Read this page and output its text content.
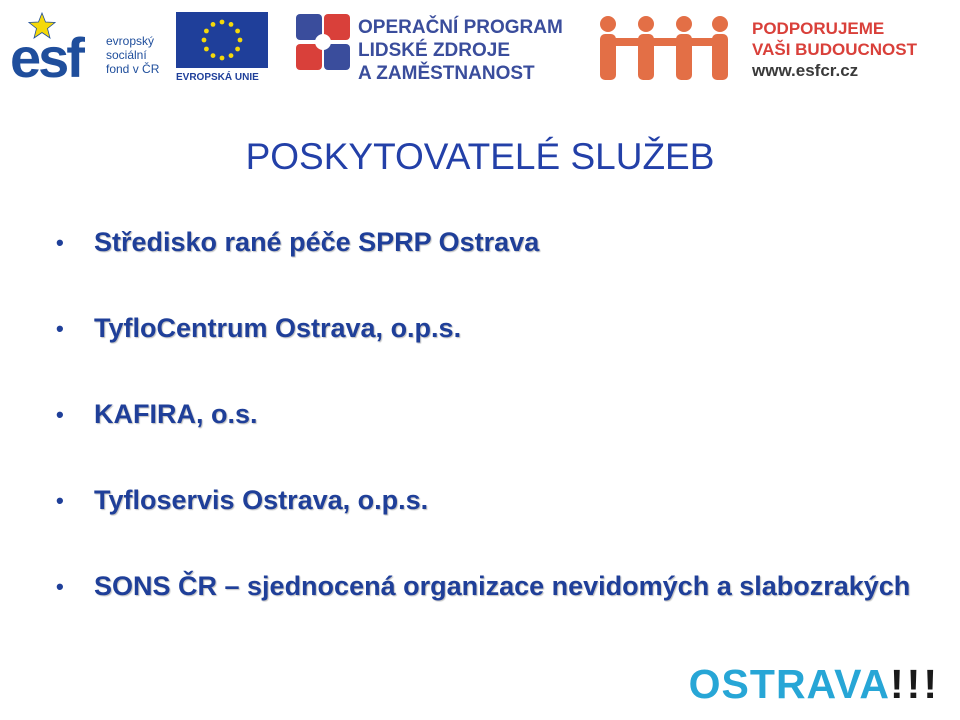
esf evropský
sociální
fond v ČR
EVROPSKÁ UNIE
OPERAČNÍ PROGRAM
LIDSKÉ ZDROJE
A ZAMĚSTNANOST
PODPORUJEME
VAŠI BUDOUCNOST
www.esfcr.cz
POSKYTOVATELÉ SLUŽEB
• Středisko rané péče SPRP Ostrava
• TyfloCentrum Ostrava, o.p.s.
• KAFIRA, o.s.
• Tyfloservis Ostrava, o.p.s.
• SONS ČR – sjednocená organizace nevidomých a slabozrakých
OSTRAVA!!!
